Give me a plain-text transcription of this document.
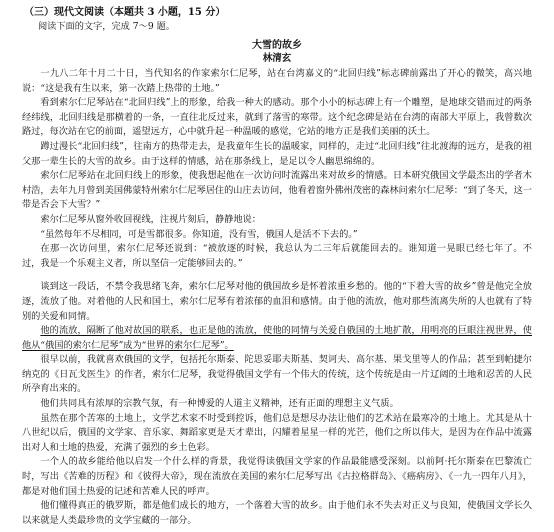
（三）现代文阅读（本题共 3 小题，15 分）
阅读下面的文字，完成 7～9 题。
大雪的故乡
林清玄

一九八二年十月二十日，当代知名的作家索尔仁尼琴，站在台湾嘉义的“北回归线”标志碑前露出了开心的微笑，高兴地说：“这是我有生以来，第一次踏上热带的土地。”

看到索尔仁尼琴站在“北回归线”上的形象，给我一种大的感动。那个小小的标志碑上有一个雕塑，是地球交错而过的两条经纬线，北回归线是那横着的一条，一直往北反过来，就到了落雪的寒带。这个纪念碑是站在台湾的南部大平原上，我曾数次路过，每次站在它的前面，遥望远方，心中就升起一种温暖的感觉，它站的地方正是我们美丽的沃土。

蹲过漫长“北回归线”，往南方的热带走去，是我童年生长的温暖家，同样的，走过“北回归线”往北渡海的远方，是我的祖父那一辈生长的大雪的故乡。由于这样的情感，站在那条线上，是足以令人幽思绵绵的。

索尔仁尼琴站在北回归线上的形象，使我想起他在一次访问时流露出来对故乡的情感。日本研究俄国文学最杰出的学者木村浩，去年九月曾到美国佛蒙特州索尔仁尼琴居住的山庄去访问，他看着窗外佛州茂密的森林问索尔仁尼琴：“到了冬天，这一带是否会下大雪？”

索尔仁尼琴从窗外收回视线，注视片刻后，静静地说：

“虽然每年不尽相同，可是雪都很多。你知道，没有雪，俄国人是活不下去的。”

在那一次访问里，索尔仁尼琴还说到：“被放逐的时候，我总认为二三年后就能回去的。谁知道一晃眼已经七年了。不过，我是一个乐观主义者，所以坚信一定能够回去的。”

谈到这一段话，不禁令我思绪飞奔，索尔仁尼琴对他的俄国故乡是怀着浓重乡愁的。他的“下着大雪的故乡”曾是他完全放逐，流放了他。对着他的人民和国土，索尔仁尼琴有着浓郁的血泪和感情。由于他的流放，他对那些流离失所的人也就有了特别的关爱和同情。

他的流放，隔断了他对故国的联系，也正是他的流放，使他的同情与关爱自俄国的土地扩散，用明亮的巨眼注视世界，使他从“俄国的索尔仁尼琴”成为“世界的索尔仁尼琴”。

很早以前，我就喜欢俄国的文学，包括托尔斯泰、陀思妥耶夫斯基、契诃夫、高尔基、果戈里等人的作品；甚至到帕捷尔纳克的《日瓦戈医生》的作者，索尔仁尼琴，我觉得俄国文学有一个伟大的传统，这个传统是由一片辽阔的土地和忍苦的人民所孕育出来的。

他们共同具有浓厚的宗教气氛，有一种博爱的人道主义精神，还有正面的理想主义气质。

虽然在那个苦寒的土地上，文学艺术家不时受到控诉，他们总是想尽办法让他们的艺术站在最寒冷的土地上。尤其是从十八世纪以后，俄国的文学家、音乐家、舞蹈家更是天才辈出，闪耀着星星一样的光芒，他们之所以伟大，是因为在作品中流露出对人和土地的热爱，充满了强烈的乡土色彩。

一个人的故乡能给他以启发一个什么样的背景，我觉得读俄国文学家的作品最能感受深刻。以前阿·托尔斯泰在巴黎流亡时，写出《苦难的历程》和《彼得大帝》，现在流放在美国的索尔仁尼琴写出《古拉格群岛》、《癌病房》、《一九一四年八月》，都是对他们国土热爱的记述和苦难人民的呼声。

他们懂得真正的俄罗斯，都是他们成长的地方，一个落着大雪的故乡。由于他们永不失去对正义与良知，使俄国文学长久以来就是人类最珍贵的文学宝藏的一部分。
